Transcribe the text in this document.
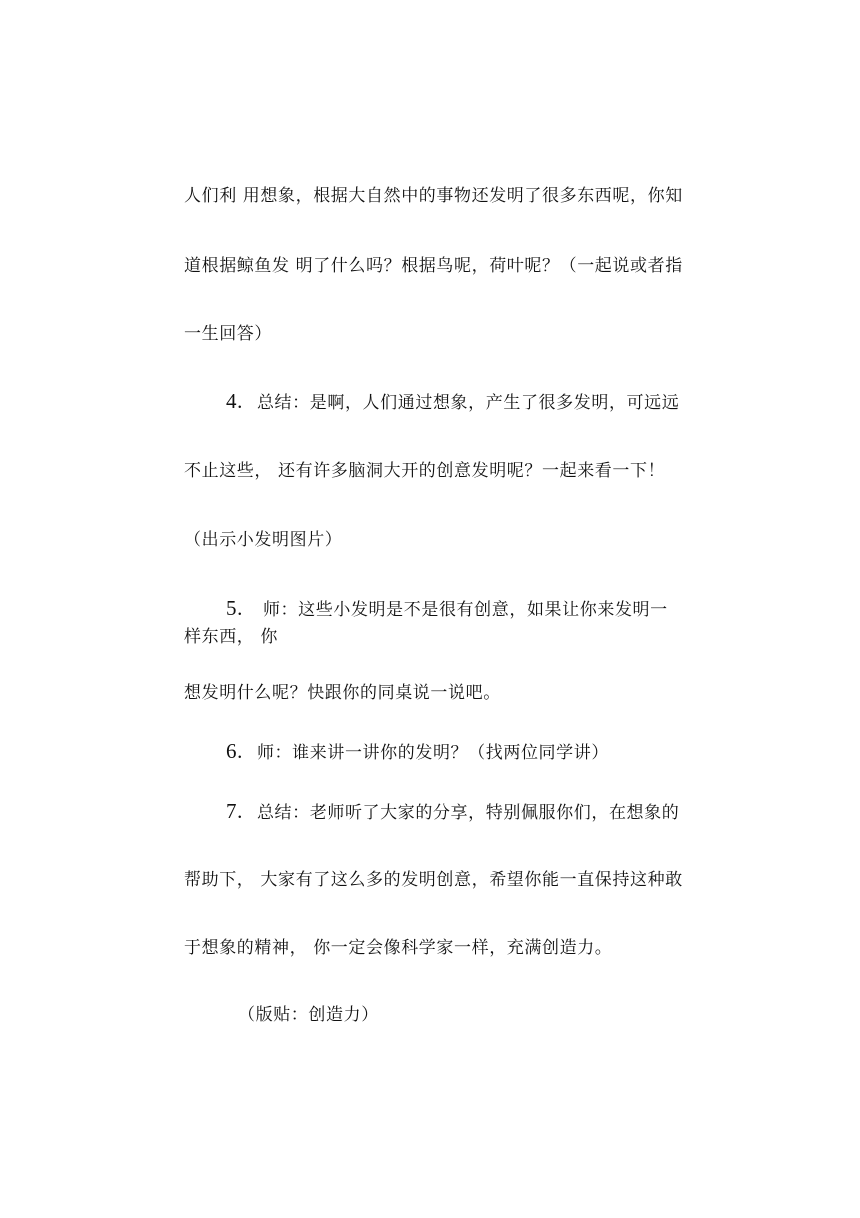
人们利 用想象，根据大自然中的事物还发明了很多东西呢，你知
道根据鲸鱼发 明了什么吗？根据鸟呢，荷叶呢？（一起说或者指
一生回答）
4. 总结：是啊，人们通过想象，产生了很多发明，可远远
不止这些， 还有许多脑洞大开的创意发明呢？一起来看一下！
（出示小发明图片）
5. 师：这些小发明是不是很有创意，如果让你来发明一
样东西， 你
想发明什么呢？快跟你的同桌说一说吧。
6. 师：谁来讲一讲你的发明？（找两位同学讲）
7. 总结：老师听了大家的分享，特别佩服你们，在想象的
帮助下， 大家有了这么多的发明创意，希望你能一直保持这种敢
于想象的精神， 你一定会像科学家一样，充满创造力。
（版贴：创造力）
